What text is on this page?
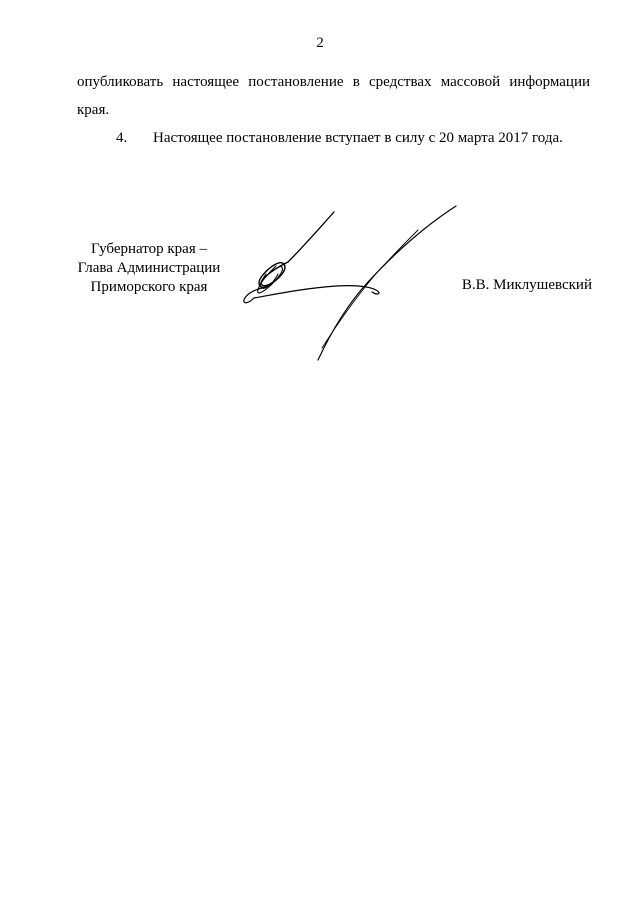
2
опубликовать настоящее постановление в средствах массовой информации края.
4. Настоящее постановление вступает в силу с 20 марта 2017 года.
Губернатор края –
Глава Администрации
Приморского края	В.В. Миклушевский
